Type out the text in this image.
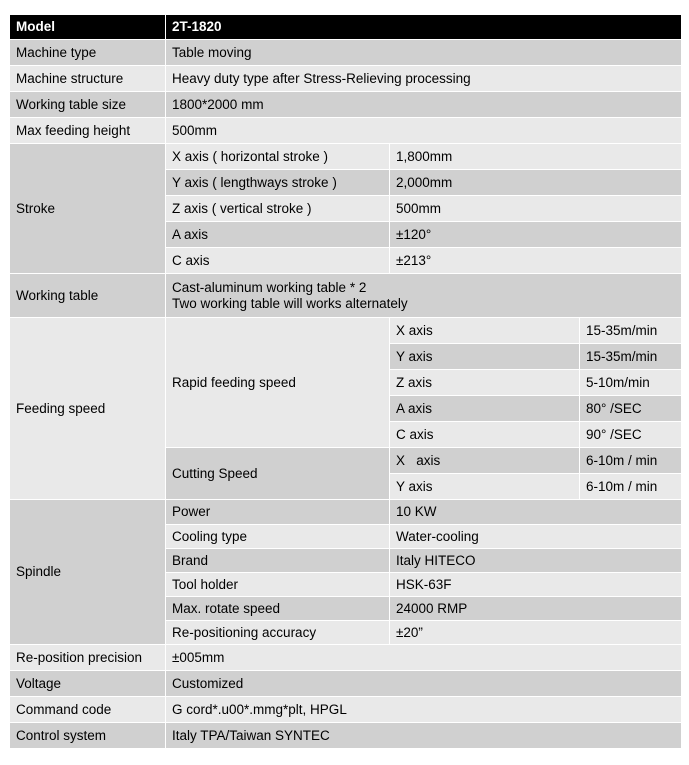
Model	2T-1820		
Machine type	Table moving		
Machine structure	Heavy duty type after Stress-Relieving processing		
Working table size	1800*2000 mm		
Max feeding height	500mm		
Stroke	X axis ( horizontal stroke )	1,800mm	
	Y axis ( lengthways stroke )	2,000mm	
	Z axis ( vertical stroke )	500mm	
	A axis	±120°	
	C axis	±213°	
Working table	Cast-aluminum working table * 2
Two working table will works alternately		

Feeding speed	Rapid feeding speed	X axis	15-35m/min
		Y axis	15-35m/min
		Z axis	5-10m/min
		A axis	80° /SEC
		C axis	90° /SEC
	Cutting Speed	X   axis	6-10m / min
		Y axis	6-10m / min
Spindle	Power	10 KW	
	Cooling type	Water-cooling	
	Brand	Italy HITECO	
	Tool holder	HSK-63F	
	Max. rotate speed	24000 RMP	
	Re-positioning accuracy	±20”	
Re-position precision	±005mm		
Voltage	Customized		
Command code	G cord*.u00*.mmg*plt, HPGL		
Control system	Italy TPA/Taiwan SYNTEC		
